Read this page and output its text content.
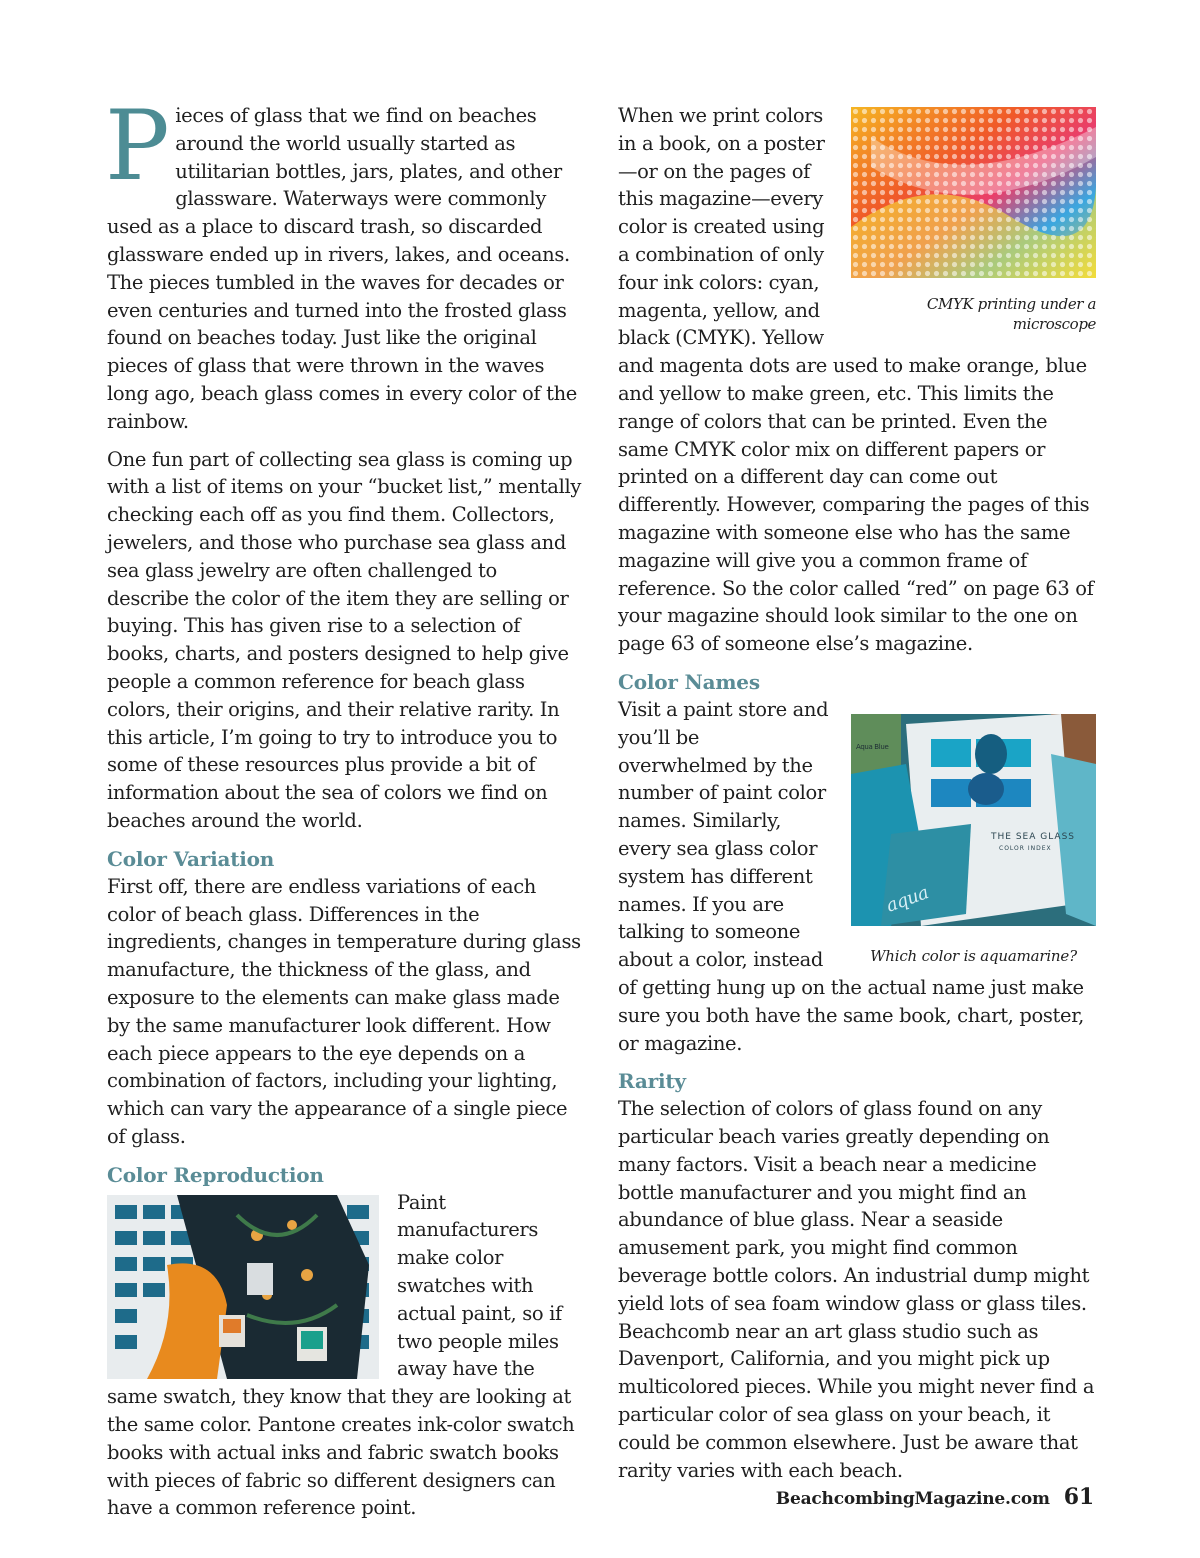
Pieces of glass that we find on beaches around the world usually started as utilitarian bottles, jars, plates, and other glassware. Waterways were commonly used as a place to discard trash, so discarded glassware ended up in rivers, lakes, and oceans. The pieces tumbled in the waves for decades or even centuries and turned into the frosted glass found on beaches today. Just like the original pieces of glass that were thrown in the waves long ago, beach glass comes in every color of the rainbow.

One fun part of collecting sea glass is coming up with a list of items on your “bucket list,” mentally checking each off as you find them. Collectors, jewelers, and those who purchase sea glass and sea glass jewelry are often challenged to describe the color of the item they are selling or buying. This has given rise to a selection of books, charts, and posters designed to help give people a common reference for beach glass colors, their origins, and their relative rarity. In this article, I’m going to try to introduce you to some of these resources plus provide a bit of information about the sea of colors we find on beaches around the world.

Color Variation

First off, there are endless variations of each color of beach glass. Differences in the ingredients, changes in temperature during glass manufacture, the thickness of the glass, and exposure to the elements can make glass made by the same manufacturer look different. How each piece appears to the eye depends on a combination of factors, including your lighting, which can vary the appearance of a single piece of glass.

Color Reproduction

Paint manufacturers make color swatches with actual paint, so if two people miles away have the same swatch, they know that they are looking at the same color. Pantone creates ink-color swatch books with actual inks and fabric swatch books with pieces of fabric so different designers can have a common reference point.

CMYK printing under a microscope

When we print colors in a book, on a poster—or on the pages of this magazine—every color is created using a combination of only four ink colors: cyan, magenta, yellow, and black (CMYK). Yellow and magenta dots are used to make orange, blue and yellow to make green, etc. This limits the range of colors that can be printed. Even the same CMYK color mix on different papers or printed on a different day can come out differently. However, comparing the pages of this magazine with someone else who has the same magazine will give you a common frame of reference. So the color called “red” on page 63 of your magazine should look similar to the one on page 63 of someone else’s magazine.

Color Names

THE SEA GLASS
COLOR INDEX
aqua
Aqua Blue
Which color is aquamarine?
Visit a paint store and you’ll be overwhelmed by the number of paint color names. Similarly, every sea glass color system has different names. If you are talking to someone about a color, instead of getting hung up on the actual name just make sure you both have the same book, chart, poster, or magazine.

Rarity

The selection of colors of glass found on any particular beach varies greatly depending on many factors. Visit a beach near a medicine bottle manufacturer and you might find an abundance of blue glass. Near a seaside amusement park, you might find common beverage bottle colors. An industrial dump might yield lots of sea foam window glass or glass tiles. Beachcomb near an art glass studio such as Davenport, California, and you might pick up multicolored pieces. While you might never find a particular color of sea glass on your beach, it could be common elsewhere. Just be aware that rarity varies with each beach.

BeachcombingMagazine.com 61
